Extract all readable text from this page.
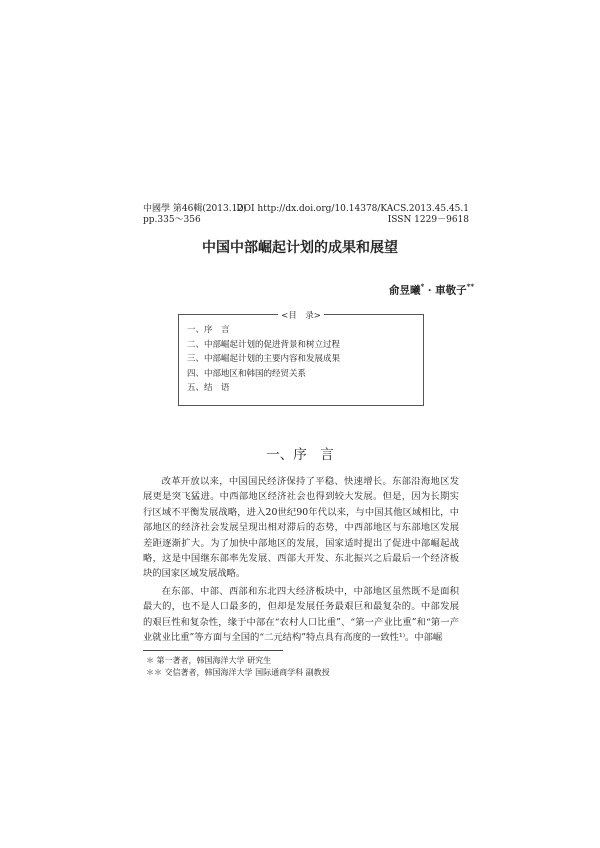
中國學 第46輯(2013.12)
pp.335～356
DOI http://dx.doi.org/10.14378/KACS.2013.45.45.1
ISSN 1229－9618
中国中部崛起计划的成果和展望
俞昱曦* · 車敬子**
<目　录>
一、序　言
二、中部崛起计划的促进背景和树立过程
三、中部崛起计划的主要内容和发展成果
四、中部地区和韩国的经贸关系
五、结　语
一、序　言

改革开放以来，中国国民经济保持了平稳、快速增长。东部沿海地区发展更是突飞猛进。中西部地区经济社会也得到较大发展。但是，因为长期实行区域不平衡发展战略，进入20世纪90年代以来，与中国其他区域相比，中部地区的经济社会发展呈现出相对滞后的态势，中西部地区与东部地区发展差距逐渐扩大。为了加快中部地区的发展，国家适时提出了促进中部崛起战略，这是中国继东部率先发展、西部大开发、东北振兴之后最后一个经济板块的国家区域发展战略。

在东部、中部、西部和东北四大经济板块中，中部地区虽然既不是面积最大的，也不是人口最多的，但却是发展任务最艰巨和最复杂的。中部发展的艰巨性和复杂性，缘于中部在“农村人口比重”、“第一产业比重”和“第一产业就业比重”等方面与全国的“二元结构”特点具有高度的一致性¹⁾。中部崛

＊ 第一著者，韩国海洋大学 研究生
＊＊ 交信著者，韩国海洋大学 国际通商学科 副教授
